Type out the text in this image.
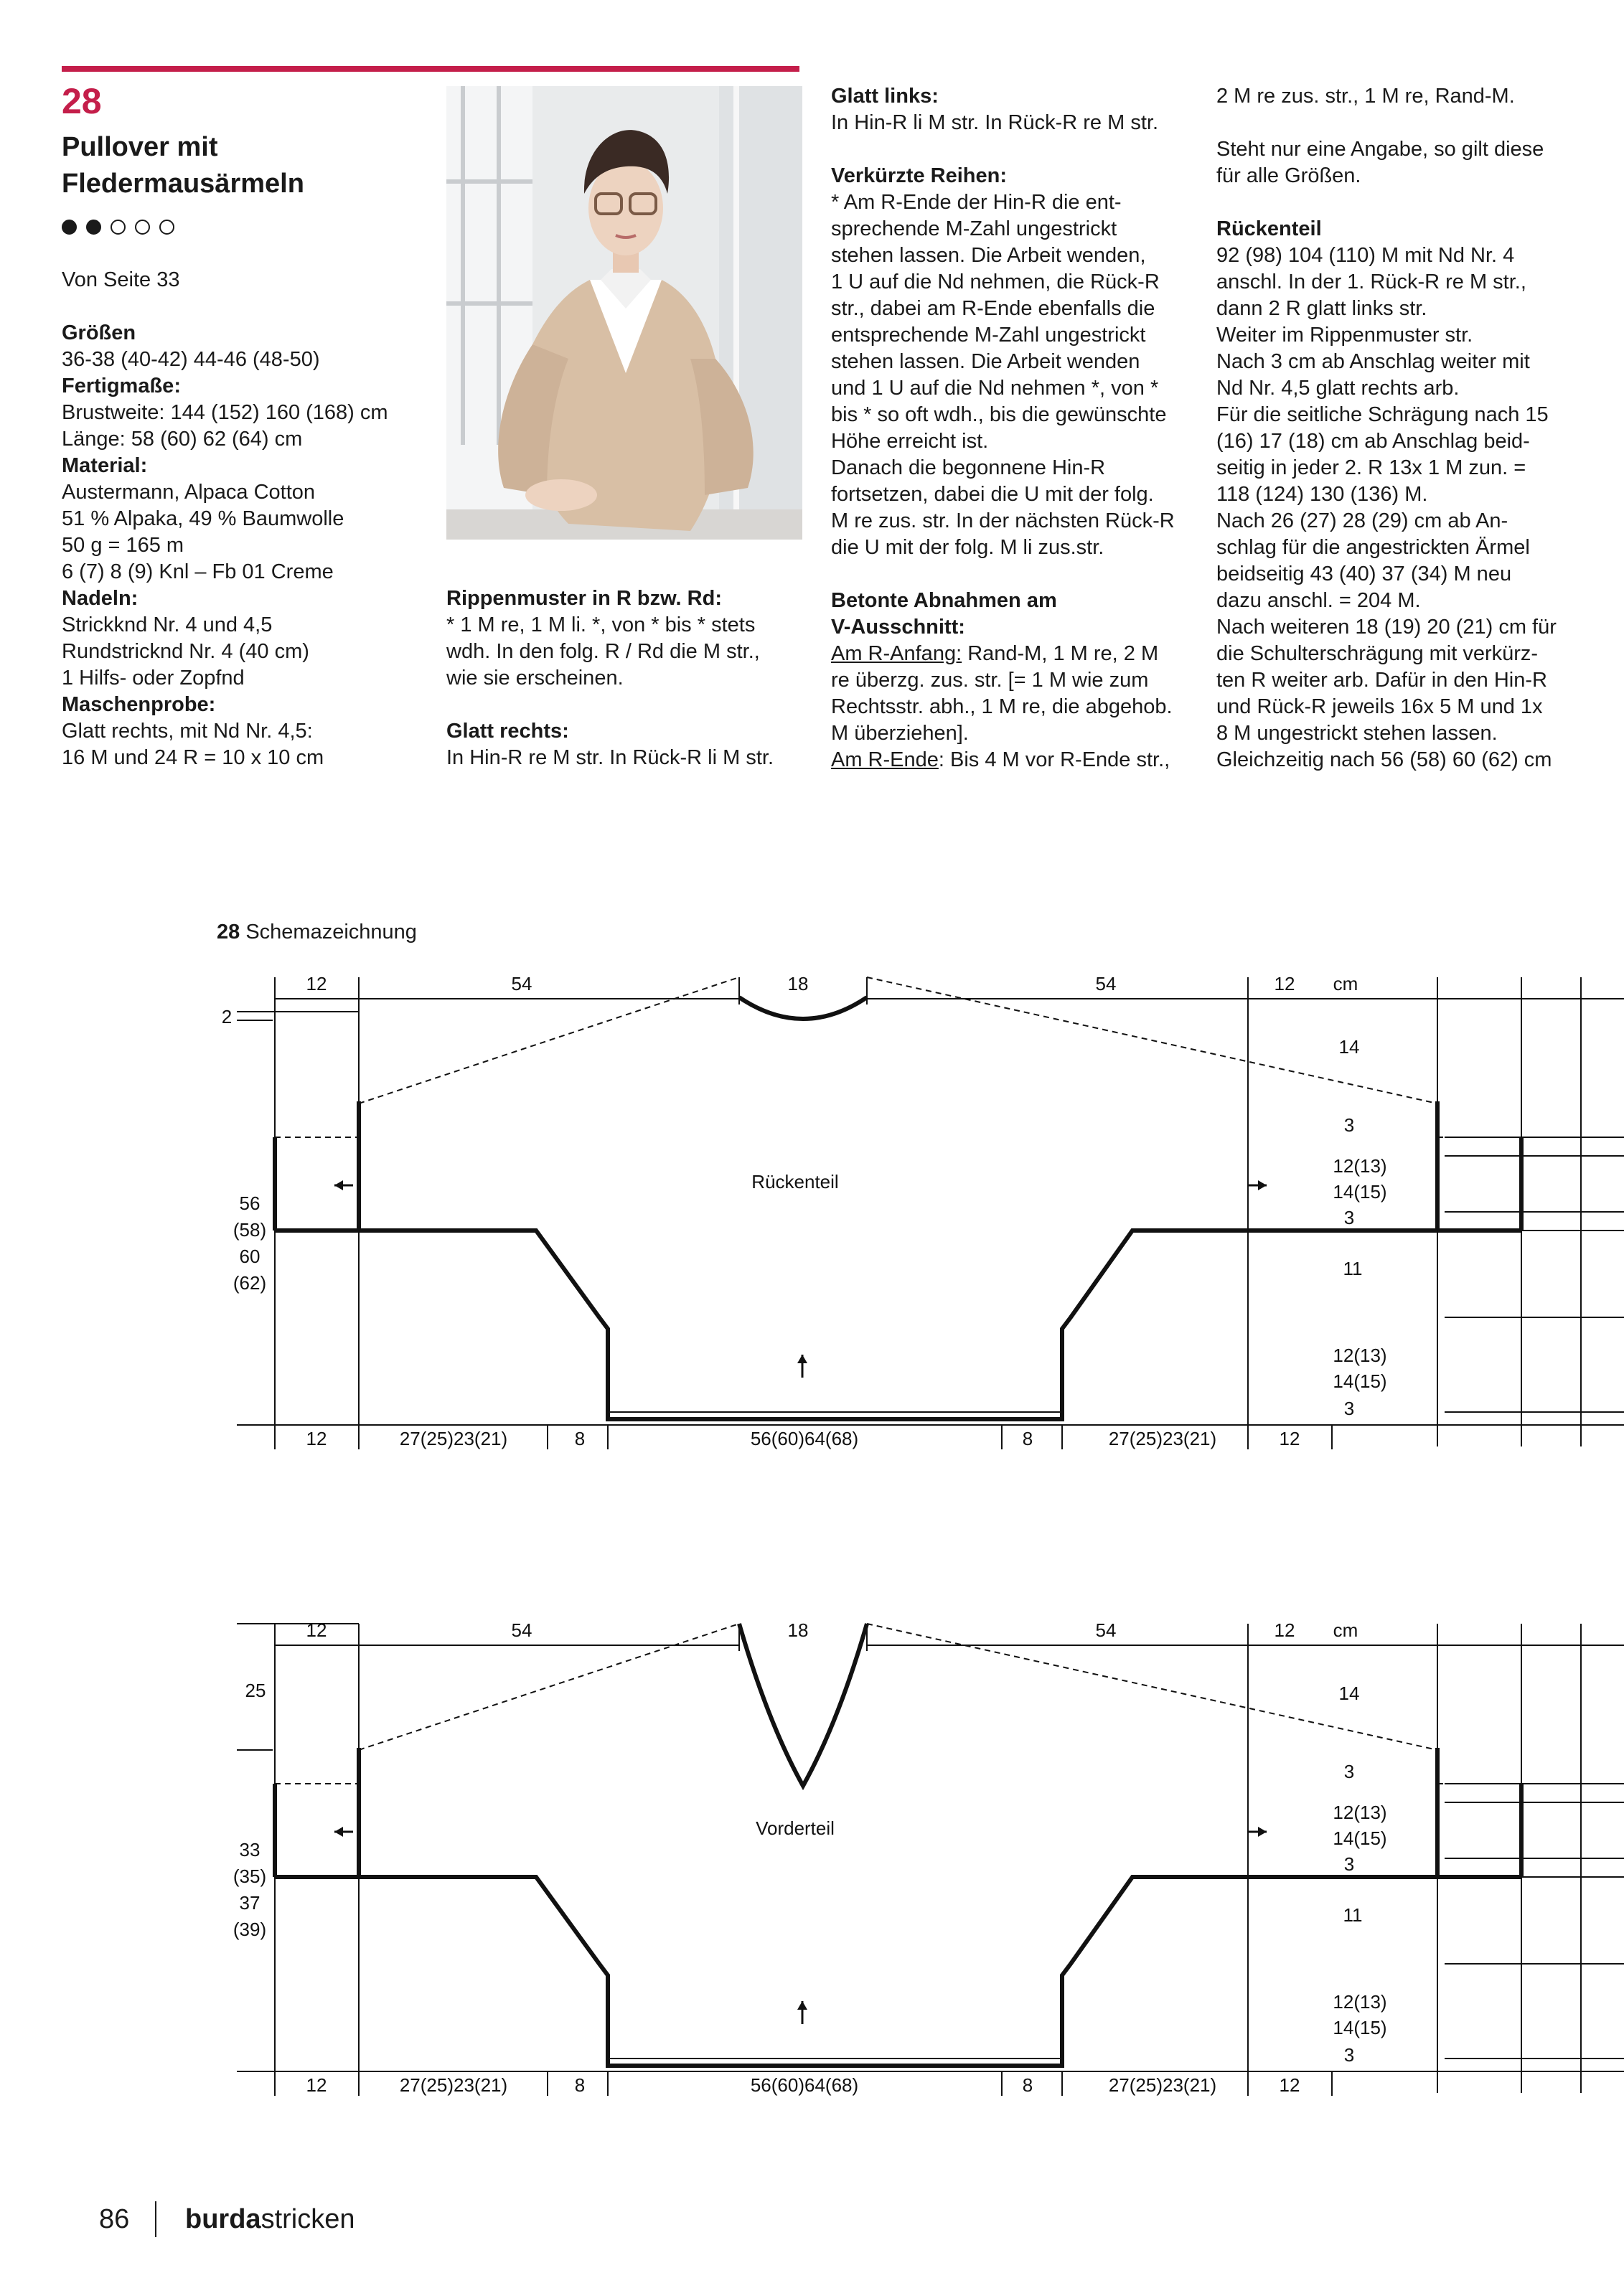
28
Pullover mit
Fledermausärmeln

Von Seite 33

Größen

36-38 (40-42) 44-46 (48-50)

Fertigmaße:

Brustweite: 144 (152) 160 (168) cm

Länge: 58 (60) 62 (64) cm

Material:

Austermann, Alpaca Cotton

51 % Alpaka, 49 % Baumwolle

50 g = 165 m

6 (7) 8 (9) Knl – Fb 01 Creme

Nadeln:

Strickknd Nr. 4 und 4,5

Rundstricknd Nr. 4 (40 cm)

1 Hilfs- oder Zopfnd

Maschenprobe:

Glatt rechts, mit Nd Nr. 4,5:

16 M und 24 R = 10 x 10 cm

Rippenmuster in R bzw. Rd:

* 1 M re, 1 M li. *, von * bis * stets

wdh. In den folg. R / Rd die M str.,

wie sie erscheinen.

Glatt rechts:

In Hin-R re M str. In Rück-R li M str.

Glatt links:

In Hin-R li M str. In Rück-R re M str.

Verkürzte Reihen:

* Am R-Ende der Hin-R die ent-

sprechende M-Zahl ungestrickt

stehen lassen. Die Arbeit wenden,

1 U auf die Nd nehmen, die Rück-R

str., dabei am R-Ende ebenfalls die

entsprechende M-Zahl ungestrickt

stehen lassen. Die Arbeit wenden

und 1 U auf die Nd nehmen *, von *

bis * so oft wdh., bis die gewünschte

Höhe erreicht ist.

Danach die begonnene Hin-R

fortsetzen, dabei die U mit der folg.

M re zus. str. In der nächsten Rück-R

die U mit der folg. M li zus.str.

Betonte Abnahmen am

V-Ausschnitt:

Am R-Anfang: Rand-M, 1 M re, 2 M

re überzg. zus. str. [= 1 M wie zum

Rechtsstr. abh., 1 M re, die abgehob.

M überziehen].

Am R-Ende: Bis 4 M vor R-Ende str.,

2 M re zus. str., 1 M re, Rand-M.

Steht nur eine Angabe, so gilt diese

für alle Größen.

Rückenteil

92 (98) 104 (110) M mit Nd Nr. 4

anschl. In der 1. Rück-R re M str.,

dann 2 R glatt links str.

Weiter im Rippenmuster str.

Nach 3 cm ab Anschlag weiter mit

Nd Nr. 4,5 glatt rechts arb.

Für die seitliche Schrägung nach 15

(16) 17 (18) cm ab Anschlag beid-

seitig in jeder 2. R 13x 1 M zun. =

118 (124) 130 (136) M.

Nach 26 (27) 28 (29) cm ab An-

schlag für die angestrickten Ärmel

beidseitig 43 (40) 37 (34) M neu

dazu anschl. = 204 M.

Nach weiteren 18 (19) 20 (21) cm für

die Schulterschrägung mit verkürz-

ten R weiter arb. Dafür in den Hin-R

und Rück-R jeweils 16x 5 M und 1x

8 M ungestrickt stehen lassen.

Gleichzeitig nach 56 (58) 60 (62) cm

28 Schemazeichnung
12	54	18	54	12 cm
12	27(25)23(21)	8	56(60)64(68)	8	27(25)23(21)	12
14
3
12(13)
14(15)
3
11
12(13)
14(15)
3
2
56
(58)
60
(62)
Rückenteil
12	54	18	54	12 cm
12	27(25)23(21)	8	56(60)64(68)	8	27(25)23(21)	12
14
3
12(13)
14(15)
3
11
12(13)
14(15)
3
25
33
(35)
37
(39)
Vorderteil
86 burdastricken
